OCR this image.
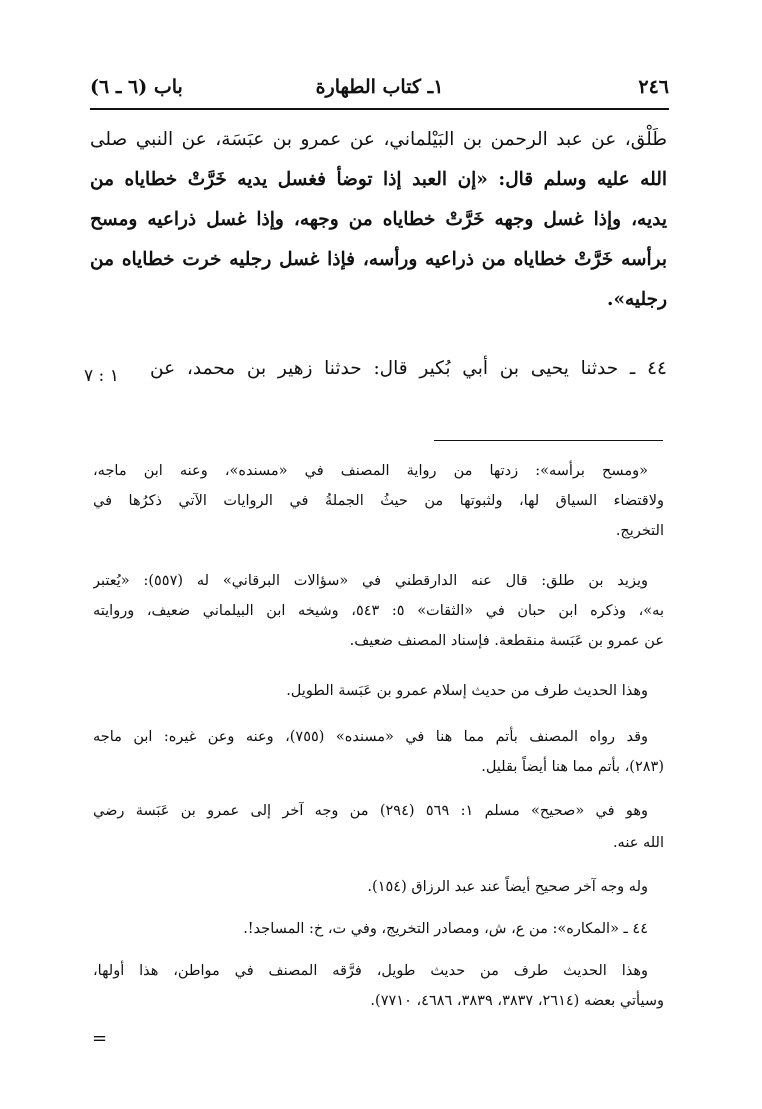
٢٤٦
١ـ كتاب الطهارة
باب (٦ ـ ٦)
طَلْق، عن عبد الرحمن بن البَيْلماني، عن عمرو بن عبَسَة، عن النبي صلى
الله عليه وسلم قال: «إن العبد إذا توضأ فغسل يديه خَرَّتْ خطاياه من
يديه، وإذا غسل وجهه خَرَّتْ خطاياه من وجهه، وإذا غسل ذراعيه ومسح
برأسه خَرَّتْ خطاياه من ذراعيه ورأسه، فإذا غسل رجليه خرت خطاياه من
رجليه».
٤٤ ـ حدثنا يحيى بن أبي بُكير قال: حدثنا زهير بن محمد، عن
١ : ٧
«ومسح برأسه»: زدتها من رواية المصنف في «مسنده»، وعنه ابن ماجه،
ولاقتضاء السياق لها، ولثبوتها من حيثُ الجملةُ في الروايات الآتي ذكرُها في
التخريج.
ويزيد بن طلق: قال عنه الدارقطني في «سؤالات البرقاني» له (٥٥٧): «يُعتبر
به»، وذكره ابن حبان في «الثقات» ٥: ٥٤٣، وشيخه ابن البيلماني ضعيف، وروايته
عن عمرو بن عَبَسة منقطعة. فإسناد المصنف ضعيف.
وهذا الحديث طرف من حديث إسلام عمرو بن عَبَسة الطويل.
وقد رواه المصنف بأتم مما هنا في «مسنده» (٧٥٥)، وعنه وعن غيره: ابن ماجه
(٢٨٣)، بأتم مما هنا أيضاً بقليل.
وهو في «صحيح» مسلم ١: ٥٦٩ (٢٩٤) من وجه آخر إلى عمرو بن عَبَسة رضي
الله عنه.
وله وجه آخر صحيح أيضاً عند عبد الرزاق (١٥٤).
٤٤ ـ «المكاره»: من ع، ش، ومصادر التخريج، وفي ت، خ: المساجد!.
وهذا الحديث طرف من حديث طويل، فرَّقه المصنف في مواطن، هذا أولها،
وسيأتي بعضه (٢٦١٤، ٣٨٣٧، ٣٨٣٩، ٤٦٨٦، ٧٧١٠).
=
